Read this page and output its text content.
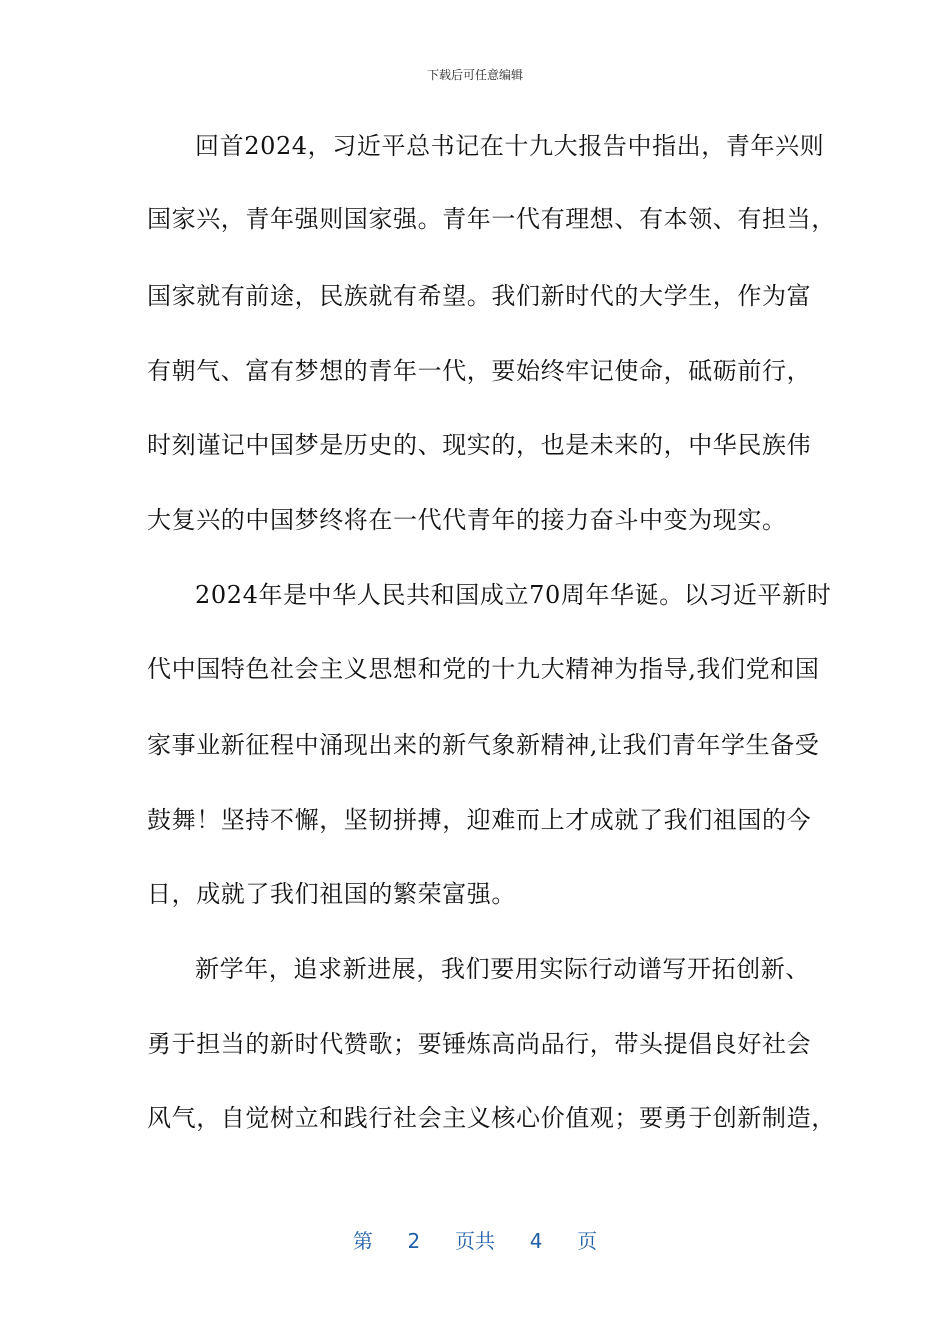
下载后可任意编辑
回首2024，习近平总书记在十九大报告中指出，青年兴则
国家兴，青年强则国家强。青年一代有理想、有本领、有担当，
国家就有前途，民族就有希望。我们新时代的大学生，作为富
有朝气、富有梦想的青年一代，要始终牢记使命，砥砺前行，
时刻谨记中国梦是历史的、现实的，也是未来的，中华民族伟
大复兴的中国梦终将在一代代青年的接力奋斗中变为现实。
2024年是中华人民共和国成立70周年华诞。以习近平新时
代中国特色社会主义思想和党的十九大精神为指导,我们党和国
家事业新征程中涌现出来的新气象新精神,让我们青年学生备受
鼓舞！坚持不懈，坚韧拼搏，迎难而上才成就了我们祖国的今
日，成就了我们祖国的繁荣富强。
新学年，追求新进展，我们要用实际行动谱写开拓创新、
勇于担当的新时代赞歌；要锤炼高尚品行，带头提倡良好社会
风气，自觉树立和践行社会主义核心价值观；要勇于创新制造，
第 2 页共 4 页
